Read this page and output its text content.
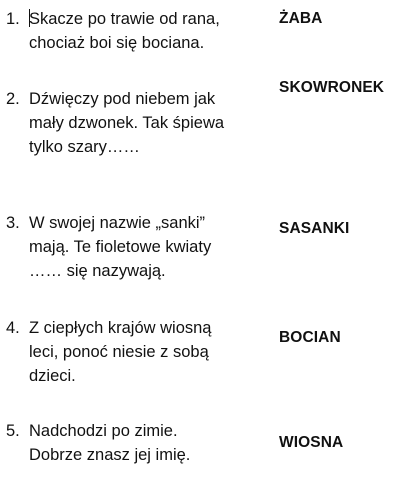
1. Skacze po trawie od rana,
chociaż boi się bociana.
ŻABA
2. Dźwięczy pod niebem jak
mały dzwonek. Tak śpiewa
tylko szary……
SKOWRONEK
3. W swojej nazwie „sanki”
mają. Te fioletowe kwiaty
…… się nazywają.
SASANKI
4. Z ciepłych krajów wiosną
leci, ponoć niesie z sobą
dzieci.
BOCIAN
5. Nadchodzi po zimie.
Dobrze znasz jej imię.
WIOSNA
